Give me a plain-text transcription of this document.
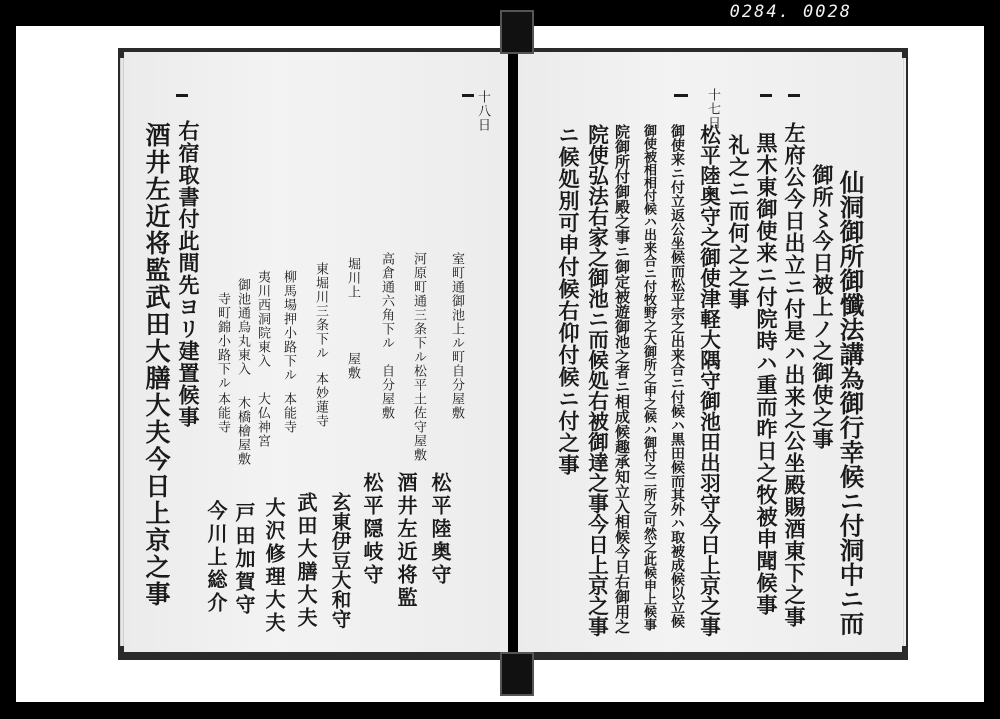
0284. 0028
十八日
室町通御池上ル町
自分屋敷
松平陸奥守
河原町通三条下ル
松平土佐守屋敷
酒井左近将監
高倉通六角下ル
自分屋敷
松平隠岐守
堀川上
屋敷
玄東伊豆大和守
東堀川三条下ル
本妙蓮寺
武田大膳大夫
柳馬場押小路下ル
本能寺
大沢修理大夫
夷川西洞院東入
大仏神宮
御池通烏丸東入
木橋檜屋敷
戸田加賀守
寺町錦小路下ル
本能寺
今川上総介
右宿取書付此間先ヨリ建置候事
酒井左近将監武田大膳大夫今日上京之事
十七日
仙洞御所御懺法講為御行幸候ニ付洞中ニ而
御所〻今日被上ノ之御使之事
左府公今日出立ニ付是ハ出来之公坐殿賜酒東下之事
黒木東御使来ニ付院時ハ重而昨日之牧被申聞候事
礼之ニ而何之之事
松平陸奥守之御使津軽大隅守御池田出羽守今日上京之事
御使来ニ付立返公坐候而松平宗之出来合ニ付候ハ黒田候而其外ハ取被成候以立候
御使被相相付候ハ出来合ニ付牧野之大御所之申之候ハ御付之二所之可然之此候申上候事
院御所付御殿之事ニ御定被遊御池之者ニ相成候趣承知立入相候今日右御用之
院使弘法右家之御池ニ而候処右被御達之事今日上京之事
ニ候処別可申付候右仰付候ニ付之事
